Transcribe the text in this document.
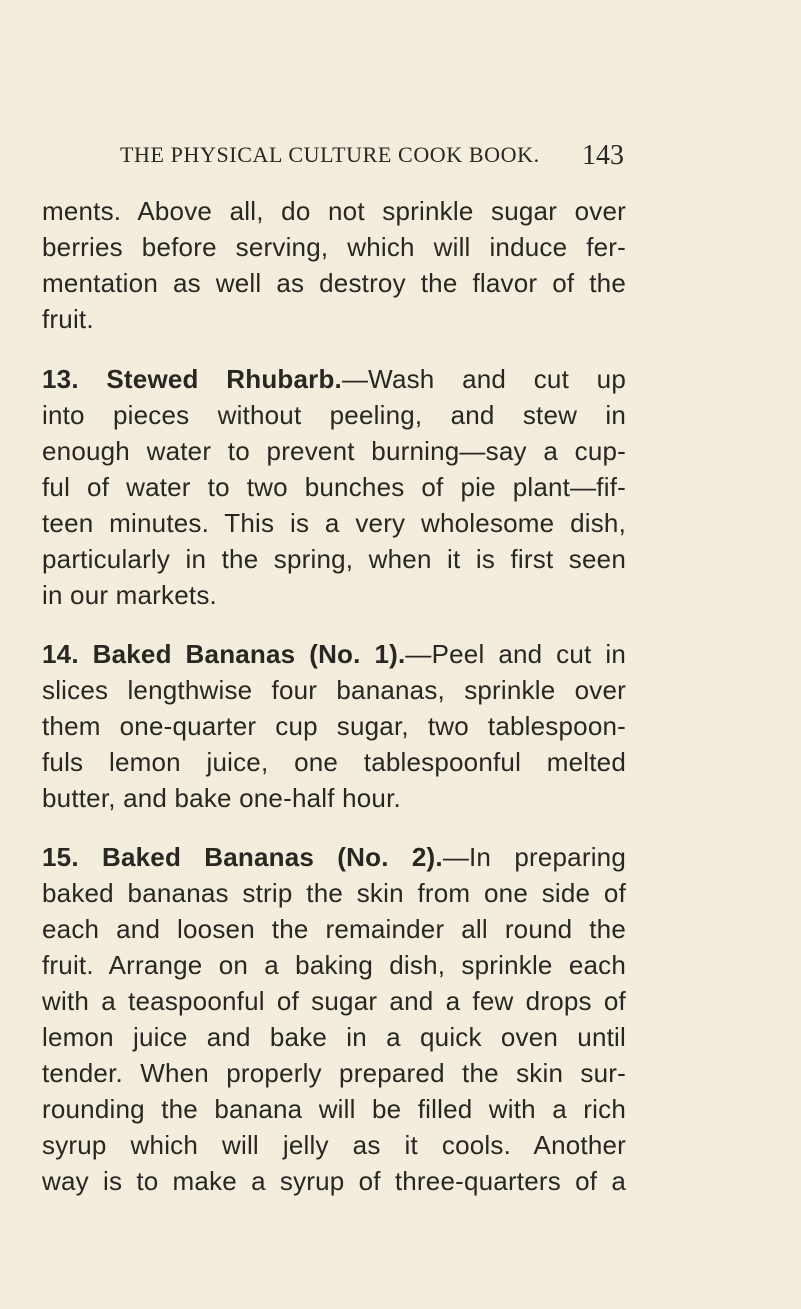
THE PHYSICAL CULTURE COOK BOOK. 143
ments. Above all, do not sprinkle sugar over
berries before serving, which will induce fer-
mentation as well as destroy the flavor of the
fruit.
13. Stewed Rhubarb.—Wash and cut up
into pieces without peeling, and stew in
enough water to prevent burning—say a cup-
ful of water to two bunches of pie plant—fif-
teen minutes. This is a very wholesome dish,
particularly in the spring, when it is first seen
in our markets.
14. Baked Bananas (No. 1).—Peel and cut in
slices lengthwise four bananas, sprinkle over
them one-quarter cup sugar, two tablespoon-
fuls lemon juice, one tablespoonful melted
butter, and bake one-half hour.
15. Baked Bananas (No. 2).—In preparing
baked bananas strip the skin from one side of
each and loosen the remainder all round the
fruit. Arrange on a baking dish, sprinkle each
with a teaspoonful of sugar and a few drops of
lemon juice and bake in a quick oven until
tender. When properly prepared the skin sur-
rounding the banana will be filled with a rich
syrup which will jelly as it cools. Another
way is to make a syrup of three-quarters of a
